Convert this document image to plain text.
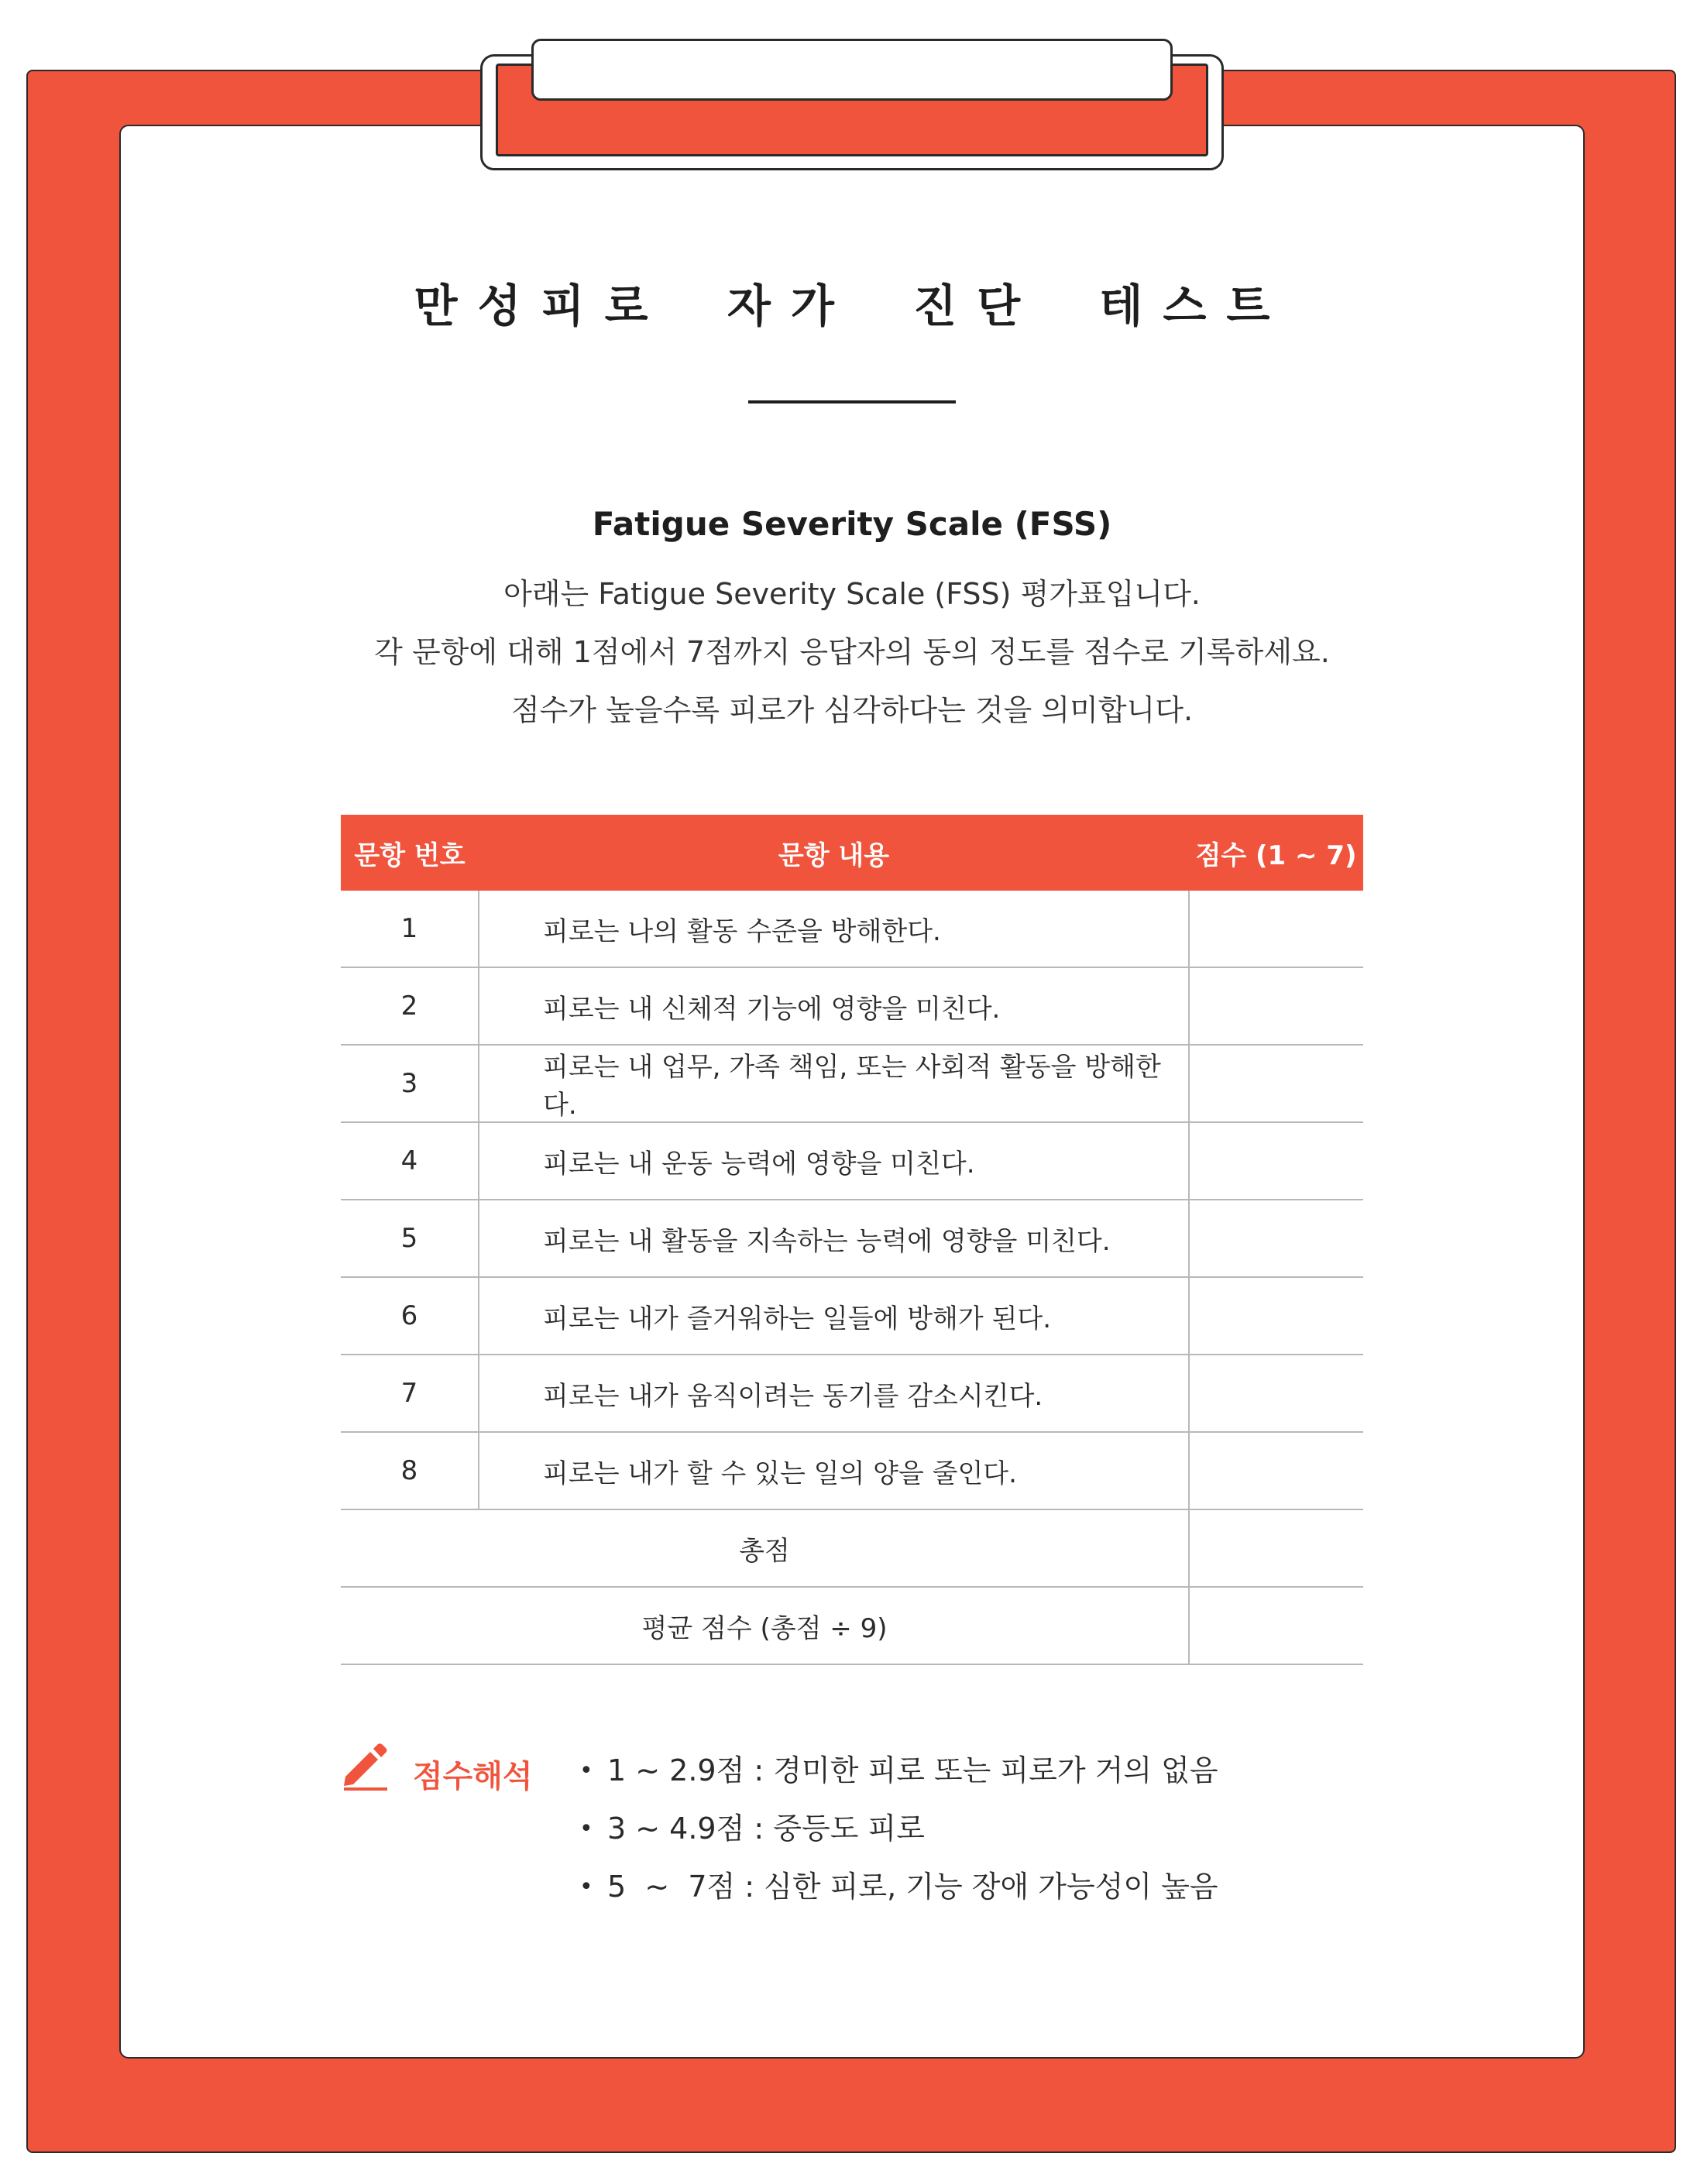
만성피로 자가 진단 테스트
Fatigue Severity Scale (FSS)
아래는 Fatigue Severity Scale (FSS) 평가표입니다.
각 문항에 대해 1점에서 7점까지 응답자의 동의 정도를 점수로 기록하세요.
점수가 높을수록 피로가 심각하다는 것을 의미합니다.
문항 번호	문항 내용	점수 (1 ~ 7)
1	피로는 나의 활동 수준을 방해한다.	
2	피로는 내 신체적 기능에 영향을 미친다.	
3	피로는 내 업무, 가족 책임, 또는 사회적 활동을 방해한다.	
4	피로는 내 운동 능력에 영향을 미친다.	
5	피로는 내 활동을 지속하는 능력에 영향을 미친다.	
6	피로는 내가 즐거워하는 일들에 방해가 된다.	
7	피로는 내가 움직이려는 동기를 감소시킨다.	
8	피로는 내가 할 수 있는 일의 양을 줄인다.	
총점		
평균 점수 (총점 ÷ 9)		
점수해석 • 1 ~ 2.9점 : 경미한 피로 또는 피로가 거의 없음
• 3 ~ 4.9점 : 중등도 피로
• 5  ~  7점 : 심한 피로, 기능 장애 가능성이 높음
